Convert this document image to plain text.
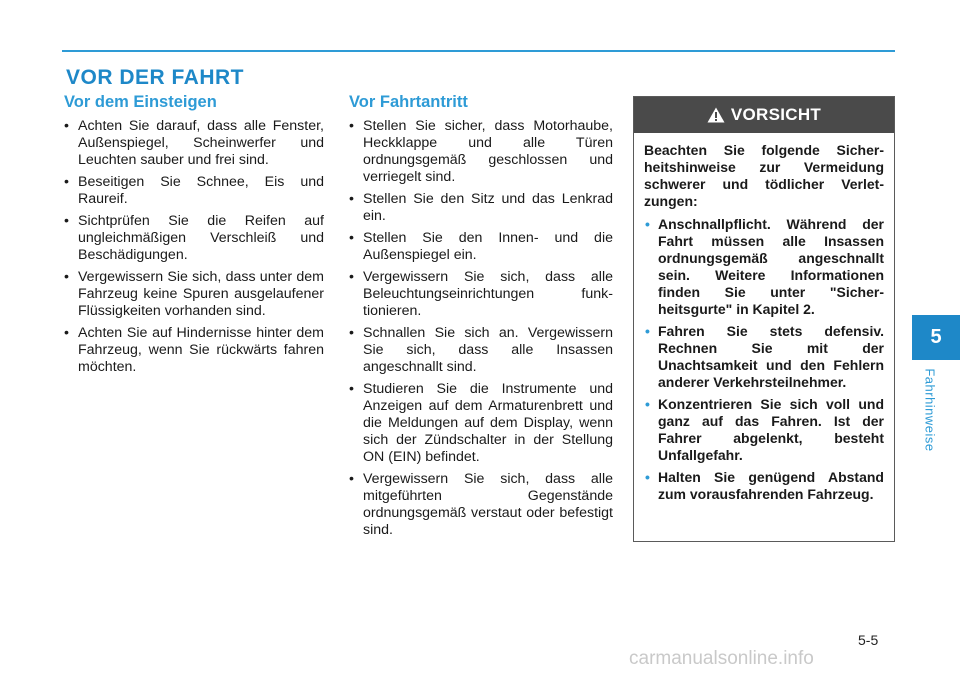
VOR DER FAHRT
Vor dem Einsteigen
• Achten Sie darauf, dass alle Fenster, Außenspiegel, Scheinwerfer und Leuchten sauber und frei sind.
• Beseitigen Sie Schnee, Eis und Raureif.
• Sichtprüfen Sie die Reifen auf ungleichmäßigen Verschleiß und Beschädigungen.
• Vergewissern Sie sich, dass unter dem Fahrzeug keine Spuren ausgelaufener Flüssigkeiten vorhanden sind.
• Achten Sie auf Hindernisse hinter dem Fahrzeug, wenn Sie rückwärts fahren möchten.
Vor Fahrtantritt
• Stellen Sie sicher, dass Motorhaube, Heckklappe und alle Türen ordnungsgemäß geschlossen und verriegelt sind.
• Stellen Sie den Sitz und das Lenkrad ein.
• Stellen Sie den Innen- und die Außenspiegel ein.
• Vergewissern Sie sich, dass alle Beleuchtungseinrichtungen funktionieren.
• Schnallen Sie sich an. Vergewissern Sie sich, dass alle Insassen angeschnallt sind.
• Studieren Sie die Instrumente und Anzeigen auf dem Armaturenbrett und die Meldungen auf dem Display, wenn sich der Zündschalter in der Stellung ON (EIN) befindet.
• Vergewissern Sie sich, dass alle mitgeführten Gegenstände ordnungsgemäß verstaut oder befestigt sind.
VORSICHT

Beachten Sie folgende Sicherheitshinweise zur Vermeidung schwerer und tödlicher Verletzungen:

• Anschnallpflicht. Während der Fahrt müssen alle Insassen ordnungsgemäß angeschnallt sein. Weitere Informationen finden Sie unter "Sicherheitsgurte" in Kapitel 2.
• Fahren Sie stets defensiv. Rechnen Sie mit der Unachtsamkeit und den Fehlern anderer Verkehrsteilnehmer.
• Konzentrieren Sie sich voll und ganz auf das Fahren. Ist der Fahrer abgelenkt, besteht Unfallgefahr.
• Halten Sie genügend Abstand zum vorausfahrenden Fahrzeug.
5
Fahrhinweise
5-5
carmanualsonline.info
